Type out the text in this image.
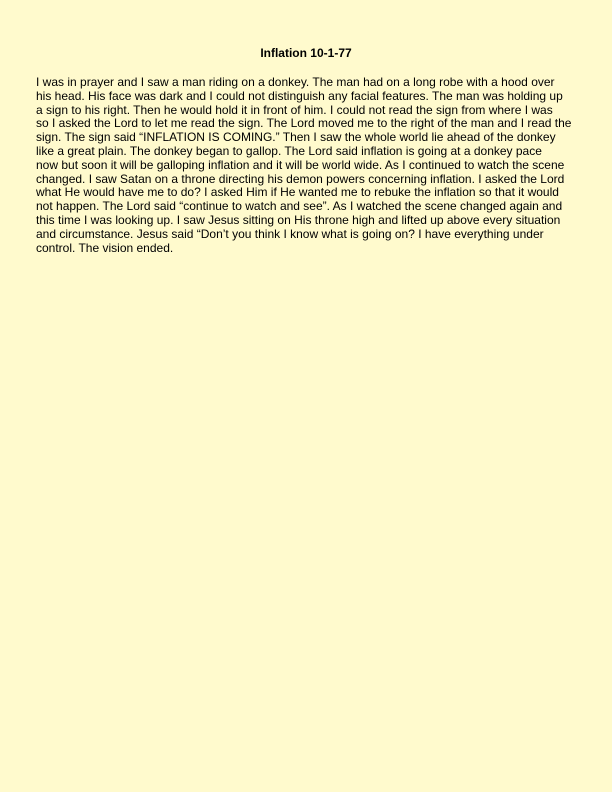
Inflation 10-1-77

I was in prayer and I saw a man riding on a donkey. The man had on a long robe with a hood over
his head. His face was dark and I could not distinguish any facial features. The man was holding up
a sign to his right. Then he would hold it in front of him. I could not read the sign from where I was
so I asked the Lord to let me read the sign. The Lord moved me to the right of the man and I read the
sign. The sign said “INFLATION IS COMING.” Then I saw the whole world lie ahead of the donkey
like a great plain. The donkey began to gallop. The Lord said inflation is going at a donkey pace
now but soon it will be galloping inflation and it will be world wide. As I continued to watch the scene
changed. I saw Satan on a throne directing his demon powers concerning inflation. I asked the Lord
what He would have me to do? I asked Him if He wanted me to rebuke the inflation so that it would
not happen. The Lord said “continue to watch and see”. As I watched the scene changed again and
this time I was looking up. I saw Jesus sitting on His throne high and lifted up above every situation
and circumstance. Jesus said “Don’t you think I know what is going on? I have everything under
control. The vision ended.
